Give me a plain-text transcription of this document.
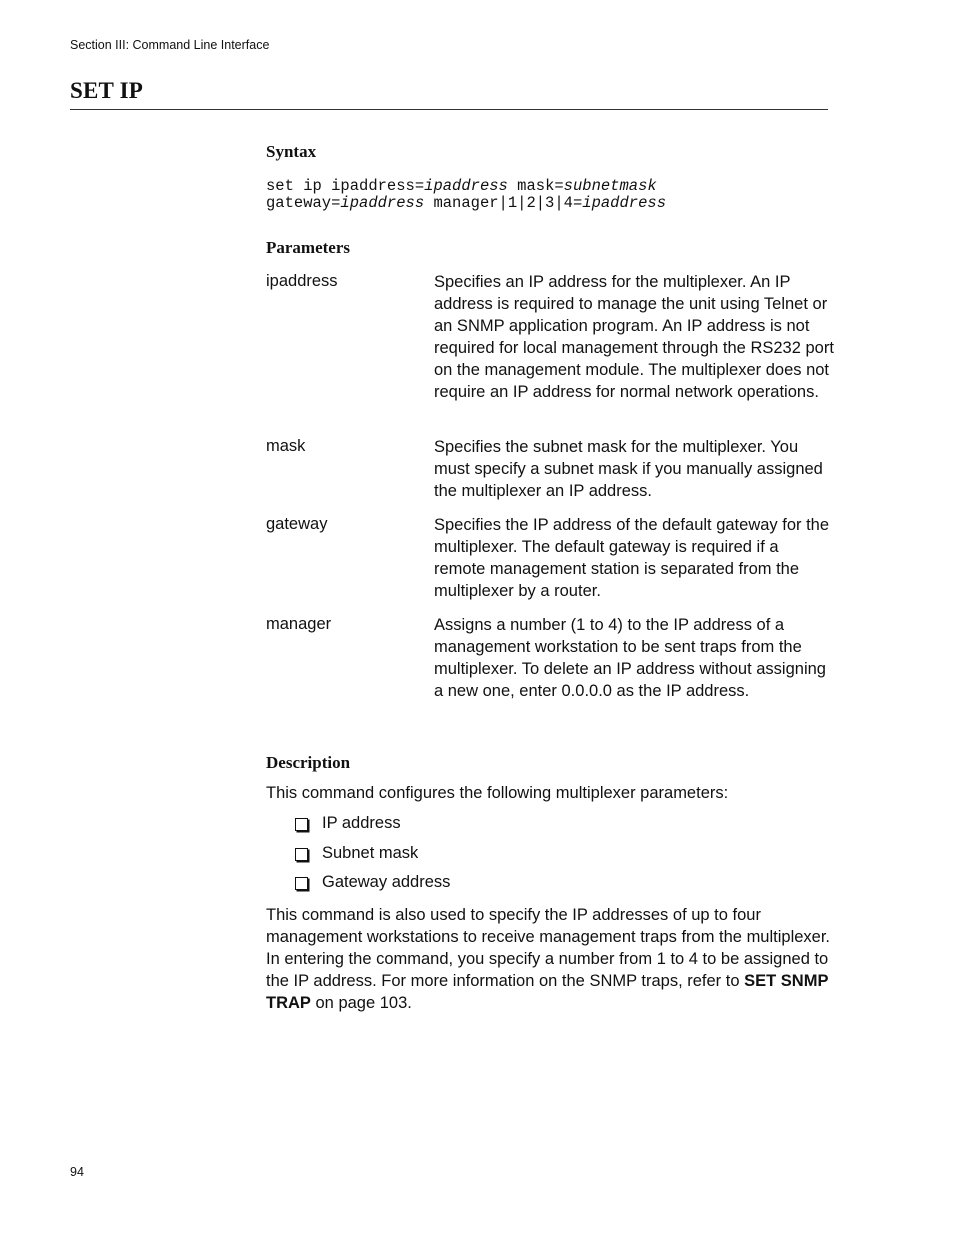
Section III: Command Line Interface
SET IP
Syntax
set ip ipaddress=ipaddress mask=subnetmask
gateway=ipaddress manager|1|2|3|4=ipaddress
Parameters
ipaddress	Specifies an IP address for the multiplexer. An IP address is required to manage the unit using Telnet or an SNMP application program. An IP address is not required for local management through the RS232 port on the management module. The multiplexer does not require an IP address for normal network operations.
mask	Specifies the subnet mask for the multiplexer. You must specify a subnet mask if you manually assigned the multiplexer an IP address.
gateway	Specifies the IP address of the default gateway for the multiplexer. The default gateway is required if a remote management station is separated from the multiplexer by a router.
manager	Assigns a number (1 to 4) to the IP address of a management workstation to be sent traps from the multiplexer. To delete an IP address without assigning a new one, enter 0.0.0.0 as the IP address.
Description
This command configures the following multiplexer parameters:
IP address
Subnet mask
Gateway address
This command is also used to specify the IP addresses of up to four management workstations to receive management traps from the multiplexer. In entering the command, you specify a number from 1 to 4 to be assigned to the IP address. For more information on the SNMP traps, refer to SET SNMP TRAP on page 103.
94
